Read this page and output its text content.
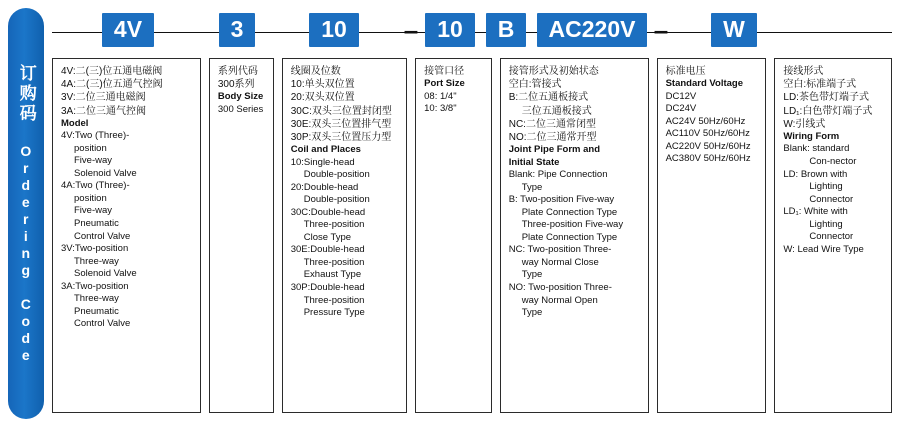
订购码 Ordering Code
4V	3	10	– 10	B	AC220V –	W

4V:二(三)位五通电磁阀

4A:二(三)位五通气控阀

3V:二位三通电磁阀

3A:二位三通气控阀

Model

4V:Two (Three)-

position

Five-way

Solenoid Valve

4A:Two (Three)-

position

Five-way

Pneumatic

Control Valve

3V:Two-position

Three-way

Solenoid Valve

3A:Two-position

Three-way

Pneumatic

Control Valve

系列代码

300系列

Body Size

300 Series

线圈及位数

10:单头双位置

20:双头双位置

30C:双头三位置封闭型

30E:双头三位置排气型

30P:双头三位置压力型

Coil and Places

10:Single-head

Double-position

20:Double-head

Double-position

30C:Double-head

Three-position

Close Type

30E:Double-head

Three-position

Exhaust Type

30P:Double-head

Three-position

Pressure Type

接管口径

Port Size

08: 1/4"

10: 3/8"

接管形式及初始状态

空白:管接式

B:二位五通板接式

三位五通板接式

NC:二位三通常闭型

NO:二位三通常开型

Joint Pipe Form and

Initial State

Blank: Pipe Connection

Type

B: Two-position Five-way

Plate Connection Type

Three-position Five-way

Plate Connection Type

NC: Two-position Three-

way Normal Close

Type

NO: Two-position Three-

way Normal Open

Type

标准电压

Standard Voltage

DC12V

DC24V

AC24V 50Hz/60Hz

AC110V 50Hz/60Hz

AC220V 50Hz/60Hz

AC380V 50Hz/60Hz

接线形式

空白:标准端子式

LD:茶色带灯端子式

LD₁:白色带灯端子式

W:引线式

Wiring Form

Blank: standard

Con-nector

LD: Brown with

Lighting

Connector

LD₁: White with

Lighting

Connector

W: Lead Wire Type
